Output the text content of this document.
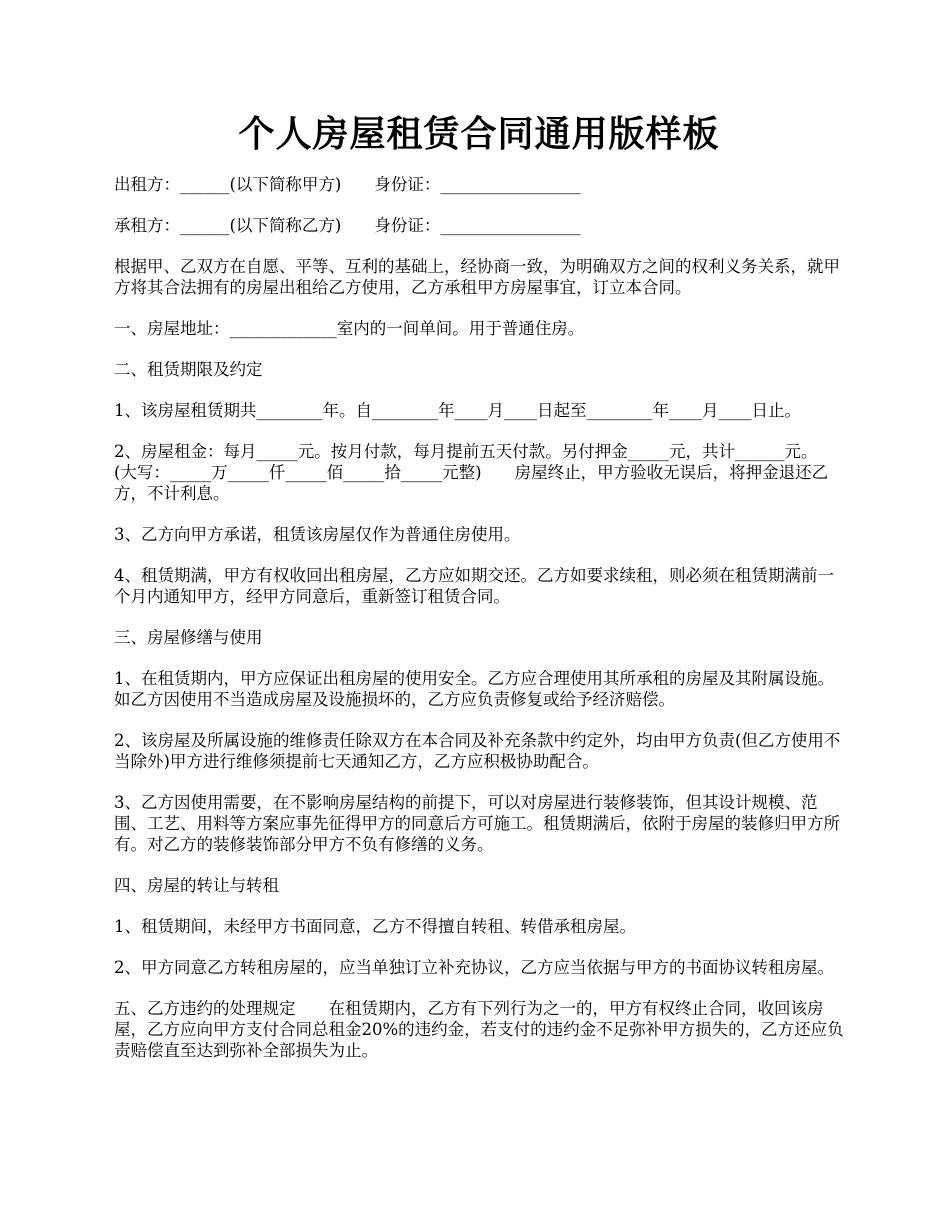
个人房屋租赁合同通用版样板

出租方：______(以下简称甲方)　　身份证：_________________

承租方：______(以下简称乙方)　　身份证：_________________

根据甲、乙双方在自愿、平等、互利的基础上，经协商一致，为明确双方之间的权利义务关系，就甲方将其合法拥有的房屋出租给乙方使用，乙方承租甲方房屋事宜，订立本合同。

一、房屋地址：_____________室内的一间单间。用于普通住房。

二、租赁期限及约定

1、该房屋租赁期共________年。自________年____月____日起至________年____月____日止。

2、房屋租金：每月_____元。按月付款，每月提前五天付款。另付押金_____元，共计______元。　　(大写：_____万_____仟_____佰_____拾_____元整)　　房屋终止，甲方验收无误后，将押金退还乙方，不计利息。

3、乙方向甲方承诺，租赁该房屋仅作为普通住房使用。

4、租赁期满，甲方有权收回出租房屋，乙方应如期交还。乙方如要求续租，则必须在租赁期满前一个月内通知甲方，经甲方同意后，重新签订租赁合同。

三、房屋修缮与使用

1、在租赁期内，甲方应保证出租房屋的使用安全。乙方应合理使用其所承租的房屋及其附属设施。如乙方因使用不当造成房屋及设施损坏的，乙方应负责修复或给予经济赔偿。

2、该房屋及所属设施的维修责任除双方在本合同及补充条款中约定外，均由甲方负责(但乙方使用不当除外)甲方进行维修须提前七天通知乙方，乙方应积极协助配合。

3、乙方因使用需要，在不影响房屋结构的前提下，可以对房屋进行装修装饰，但其设计规模、范围、工艺、用料等方案应事先征得甲方的同意后方可施工。租赁期满后，依附于房屋的装修归甲方所有。对乙方的装修装饰部分甲方不负有修缮的义务。

四、房屋的转让与转租

1、租赁期间，未经甲方书面同意，乙方不得擅自转租、转借承租房屋。

2、甲方同意乙方转租房屋的，应当单独订立补充协议，乙方应当依据与甲方的书面协议转租房屋。

五、乙方违约的处理规定　　在租赁期内，乙方有下列行为之一的，甲方有权终止合同，收回该房屋，乙方应向甲方支付合同总租金20%的违约金，若支付的违约金不足弥补甲方损失的，乙方还应负责赔偿直至达到弥补全部损失为止。
